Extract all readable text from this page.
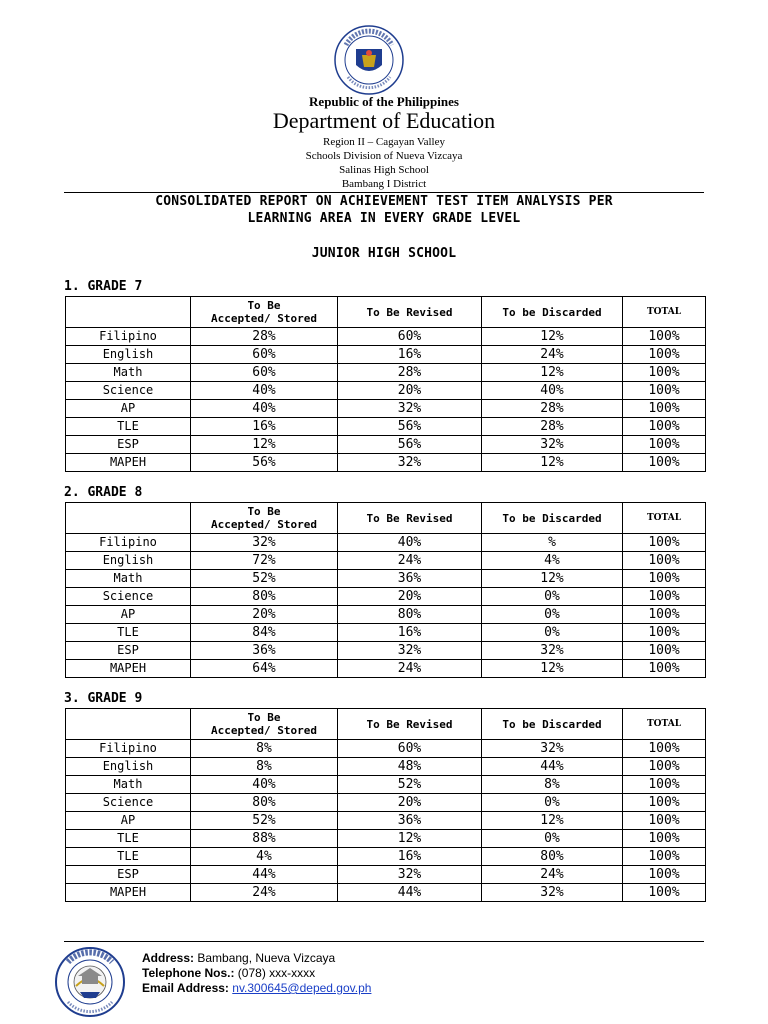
Republic of the Philippines
Department of Education
Region II – Cagayan Valley
Schools Division of Nueva Vizcaya
Salinas High School
Bambang I District
CONSOLIDATED REPORT ON ACHIEVEMENT TEST ITEM ANALYSIS PER
LEARNING AREA IN EVERY GRADE LEVEL
JUNIOR HIGH SCHOOL
1. GRADE 7
	To Be
Accepted/ Stored	To Be Revised	To be Discarded	TOTAL
Filipino	28%	60%	12%	100%
English	60%	16%	24%	100%
Math	60%	28%	12%	100%
Science	40%	20%	40%	100%
AP	40%	32%	28%	100%
TLE	16%	56%	28%	100%
ESP	12%	56%	32%	100%
MAPEH	56%	32%	12%	100%
2. GRADE 8
	To Be
Accepted/ Stored	To Be Revised	To be Discarded	TOTAL
Filipino	32%	40%	%	100%
English	72%	24%	4%	100%
Math	52%	36%	12%	100%
Science	80%	20%	0%	100%
AP	20%	80%	0%	100%
TLE	84%	16%	0%	100%
ESP	36%	32%	32%	100%
MAPEH	64%	24%	12%	100%
3. GRADE 9
	To Be
Accepted/ Stored	To Be Revised	To be Discarded	TOTAL
Filipino	8%	60%	32%	100%
English	8%	48%	44%	100%
Math	40%	52%	8%	100%
Science	80%	20%	0%	100%
AP	52%	36%	12%	100%
TLE	88%	12%	0%	100%
TLE	4%	16%	80%	100%
ESP	44%	32%	24%	100%
MAPEH	24%	44%	32%	100%
Address: Bambang, Nueva Vizcaya
Telephone Nos.: (078) xxx-xxxx
Email Address: nv.300645@deped.gov.ph
